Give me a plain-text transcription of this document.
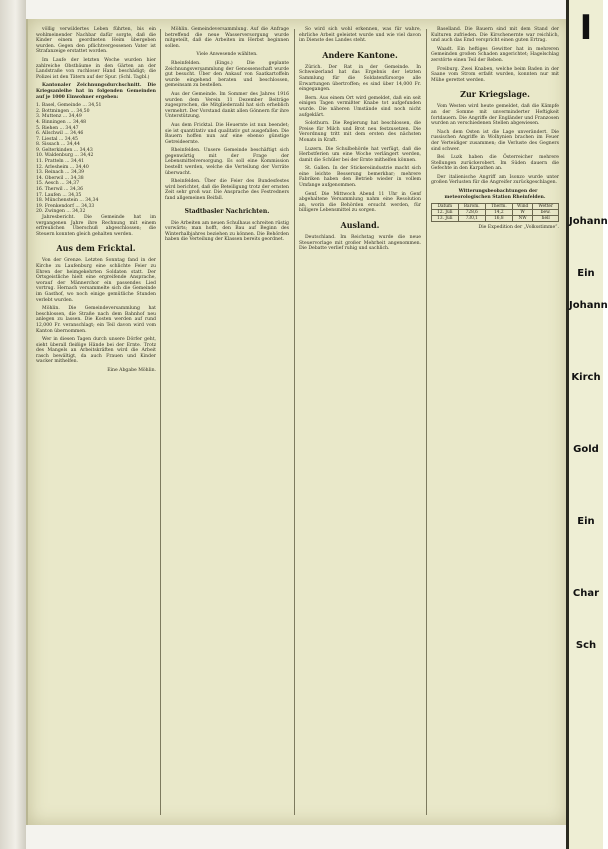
völlig verwildertes Leben führten, bis ein wohlmeinender Nachbar dafür sorgte, daß die Kinder einem geordneten Heim übergeben wurden. Gegen den pflichtvergessenen Vater ist Strafanzeige erstattet worden.

Im Laufe der letzten Woche wurden hier zahlreiche Obstbäume in den Gärten an der Landstraße von ruchloser Hand beschädigt; die Polizei ist den Tätern auf der Spur. (Schl. Tagbl.)

Kantonaler Zeichnungsdurchschnitt. Die Kriegsanleihe hat in folgenden Gemeinden auf je 1000 Einwohner ergeben:

1. Basel, Gemeinde ... 34,51
2. Bottmingen ... 34,50
3. Muttenz ... 34,49
4. Binningen ... 34,48
5. Riehen ... 34,47
6. Allschwil ... 34,46
7. Liestal ... 34,45
8. Sissach ... 34,44
9. Gelterkinden ... 34,43
10. Waldenburg ... 34,42
11. Pratteln ... 34,41
12. Arlesheim ... 34,40
13. Reinach ... 34,39
14. Oberwil ... 34,38
15. Aesch ... 34,37
16. Therwil ... 34,36
17. Laufen ... 34,35
18. Münchenstein ... 34,34
19. Frenkendorf ... 34,33
20. Zwingen ... 34,32

Jahresbericht. Die Gemeinde hat im vergangenen Jahre ihre Rechnung mit einem erfreulichen Überschuß abgeschlossen; die Steuern konnten gleich gehalten werden.

Aus dem Fricktal.

Von der Grenze. Letzten Sonntag fand in der Kirche zu Laufenburg eine schlichte Feier zu Ehren der heimgekehrten Soldaten statt. Der Ortsgeistliche hielt eine ergreifende Ansprache, worauf der Männerchor ein passendes Lied vortrug. Hernach versammelte sich die Gemeinde im Gasthof, wo noch einige gemütliche Stunden verlebt wurden.

Möhlin. Die Gemeindeversammlung hat beschlossen, die Straße nach dem Bahnhof neu anlegen zu lassen. Die Kosten werden auf rund 12,000 Fr. veranschlagt; ein Teil davon wird vom Kanton übernommen.

Wer in diesen Tagen durch unsere Dörfer geht, sieht überall fleißige Hände bei der Ernte. Trotz des Mangels an Arbeitskräften wird die Arbeit rasch bewältigt, da auch Frauen und Kinder wacker mithelfen.

Eine Abgabe Möhlin.

Möhlin. Gemeindeversammlung. Auf die Anfrage betreffend die neue Wasserversorgung wurde mitgeteilt, daß die Arbeiten im Herbst beginnen sollen.

Viele Anwesende wählten.

Rheinfelden. (Eings.) Die geplante Zeichnungsversammlung der Genossenschaft wurde gut besucht. Über den Ankauf von Saatkartoffeln wurde eingehend beraten und beschlossen, gemeinsam zu bestellen.

Aus der Gemeinde. Im Sommer des Jahres 1916 wurden dem Verein 11 Dezember Beiträge zugesprochen, die Mitgliederzahl hat sich erheblich vermehrt. Der Vorstand dankt allen Gönnern für ihre Unterstützung.

Aus dem Fricktal. Die Heuernte ist nun beendet; sie ist quantitativ und qualitativ gut ausgefallen. Die Bauern hoffen nun auf eine ebenso günstige Getreideernte.

Rheinfelden. Unsere Gemeinde beschäftigt sich gegenwärtig mit der Frage der Lebensmittelversorgung. Es soll eine Kommission bestellt werden, welche die Verteilung der Vorräte überwacht.

Rheinfelden. Über die Feier des Bundesfestes wird berichtet, daß die Beteiligung trotz der ernsten Zeit sehr groß war. Die Ansprache des Festredners fand allgemeinen Beifall.

Stadtbasler Nachrichten.

Die Arbeiten am neuen Schulhaus schreiten rüstig vorwärts; man hofft, den Bau auf Beginn des Winterhalbjahres beziehen zu können. Die Behörden haben die Verteilung der Klassen bereits geordnet.

So wird sich wohl erkennen, was für wahre, ehrliche Arbeit geleistet wurde und wie viel davon im Dienste des Landes steht.

Andere Kantone.

Zürich. Der Rat in der Gemeinde. In Schweizerland hat das Ergebnis der letzten Sammlung für die Soldatenfürsorge alle Erwartungen übertroffen; es sind über 14,000 Fr. eingegangen.

Bern. Aus einem Ort wird gemeldet, daß ein seit einigen Tagen vermißter Knabe tot aufgefunden wurde. Die näheren Umstände sind noch nicht aufgeklärt.

Solothurn. Die Regierung hat beschlossen, die Preise für Milch und Brot neu festzusetzen. Die Verordnung tritt mit dem ersten des nächsten Monats in Kraft.

Luzern. Die Schulbehörde hat verfügt, daß die Herbstferien um eine Woche verlängert werden, damit die Schüler bei der Ernte mithelfen können.

St. Gallen. In der Stickereiindustrie macht sich eine leichte Besserung bemerkbar; mehrere Fabriken haben den Betrieb wieder in vollem Umfange aufgenommen.

Genf. Die Mittwoch Abend 11 Uhr in Genf abgehaltene Versammlung nahm eine Resolution an, worin die Behörden ersucht werden, für billigere Lebensmittel zu sorgen.

Ausland.

Deutschland. Im Reichstag wurde die neue Steuervorlage mit großer Mehrheit angenommen. Die Debatte verlief ruhig und sachlich.

Baselland. Die Bauern sind mit dem Stand der Kulturen zufrieden. Die Kirschenernte war reichlich, und auch das Emd verspricht einen guten Ertrag.

Waadt. Ein heftiges Gewitter hat in mehreren Gemeinden großen Schaden angerichtet; Hagelschlag zerstörte einen Teil der Reben.

Freiburg. Zwei Knaben, welche beim Baden in der Saane vom Strom erfaßt wurden, konnten nur mit Mühe gerettet werden.

Zur Kriegslage.

Vom Westen wird heute gemeldet, daß die Kämpfe an der Somme mit unverminderter Heftigkeit fortdauern. Die Angriffe der Engländer und Franzosen wurden an verschiedenen Stellen abgewiesen.

Nach dem Osten ist die Lage unverändert. Die russischen Angriffe in Wolhynien brachen im Feuer der Verteidiger zusammen; die Verluste des Gegners sind schwer.

Bei Luzk haben die Österreicher mehrere Stellungen zurückerobert. Im Süden dauern die Gefechte in den Karpathen an.

Der italienische Angriff am Isonzo wurde unter großen Verlusten für die Angreifer zurückgeschlagen.

Witterungsbeobachtungen der meteorologischen Station Rheinfelden.

Datum	Barom.	Therm.	Wind	Wetter
12. Juli	728,6	14,2	W	bew.
13. Juli	730,1	16,8	NW	hell

Die Expedition der „Volksstimme“.

I
Johann
Ein
Johann
Kirch
Gold
Ein
Char
Sch
